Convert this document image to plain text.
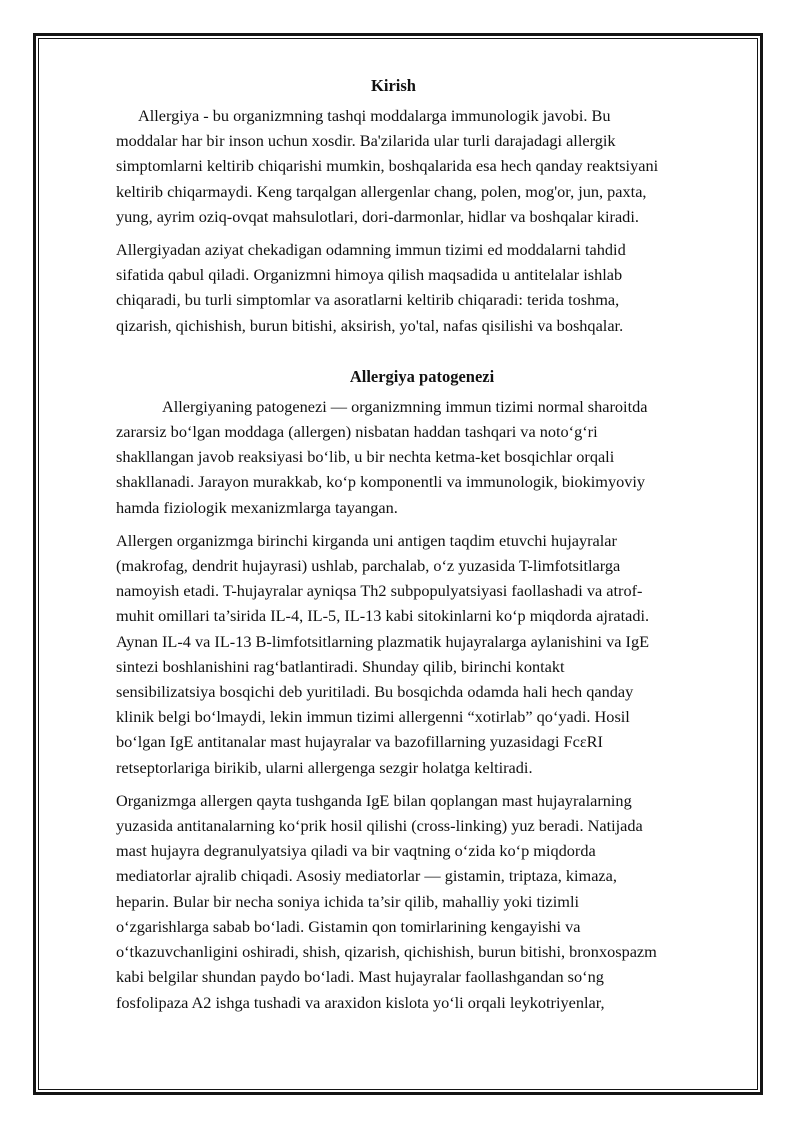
Kirish

Allergiya - bu organizmning tashqi moddalarga immunologik javobi. Bu
moddalar har bir inson uchun xosdir. Ba'zilarida ular turli darajadagi allergik
simptomlarni keltirib chiqarishi mumkin, boshqalarida esa hech qanday reaktsiyani
keltirib chiqarmaydi. Keng tarqalgan allergenlar chang, polen, mog'or, jun, paxta,
yung, ayrim oziq-ovqat mahsulotlari, dori-darmonlar, hidlar va boshqalar kiradi.

Allergiyadan aziyat chekadigan odamning immun tizimi ed moddalarni tahdid
sifatida qabul qiladi. Organizmni himoya qilish maqsadida u antitelalar ishlab
chiqaradi, bu turli simptomlar va asoratlarni keltirib chiqaradi: terida toshma,
qizarish, qichishish, burun bitishi, aksirish, yo'tal, nafas qisilishi va boshqalar.

Allergiya patogenezi

Allergiyaning patogenezi — organizmning immun tizimi normal sharoitda
zararsiz bo‘lgan moddaga (allergen) nisbatan haddan tashqari va noto‘g‘ri
shakllangan javob reaksiyasi bo‘lib, u bir nechta ketma-ket bosqichlar orqali
shakllanadi. Jarayon murakkab, ko‘p komponentli va immunologik, biokimyoviy
hamda fiziologik mexanizmlarga tayangan.

Allergen organizmga birinchi kirganda uni antigen taqdim etuvchi hujayralar
(makrofag, dendrit hujayrasi) ushlab, parchalab, o‘z yuzasida T-limfotsitlarga
namoyish etadi. T-hujayralar ayniqsa Th2 subpopulyatsiyasi faollashadi va atrof-
muhit omillari ta’sirida IL-4, IL-5, IL-13 kabi sitokinlarni ko‘p miqdorda ajratadi.
Aynan IL-4 va IL-13 B-limfotsitlarning plazmatik hujayralarga aylanishini va IgE
sintezi boshlanishini rag‘batlantiradi. Shunday qilib, birinchi kontakt
sensibilizatsiya bosqichi deb yuritiladi. Bu bosqichda odamda hali hech qanday
klinik belgi bo‘lmaydi, lekin immun tizimi allergenni “xotirlab” qo‘yadi. Hosil
bo‘lgan IgE antitanalar mast hujayralar va bazofillarning yuzasidagi FcεRI
retseptorlariga birikib, ularni allergenga sezgir holatga keltiradi.

Organizmga allergen qayta tushganda IgE bilan qoplangan mast hujayralarning
yuzasida antitanalarning ko‘prik hosil qilishi (cross-linking) yuz beradi. Natijada
mast hujayra degranulyatsiya qiladi va bir vaqtning o‘zida ko‘p miqdorda
mediatorlar ajralib chiqadi. Asosiy mediatorlar — gistamin, triptaza, kimaza,
heparin. Bular bir necha soniya ichida ta’sir qilib, mahalliy yoki tizimli
o‘zgarishlarga sabab bo‘ladi. Gistamin qon tomirlarining kengayishi va
o‘tkazuvchanligini oshiradi, shish, qizarish, qichishish, burun bitishi, bronxospazm
kabi belgilar shundan paydo bo‘ladi. Mast hujayralar faollashgandan so‘ng
fosfolipaza A2 ishga tushadi va araxidon kislota yo‘li orqali leykotriyenlar,
